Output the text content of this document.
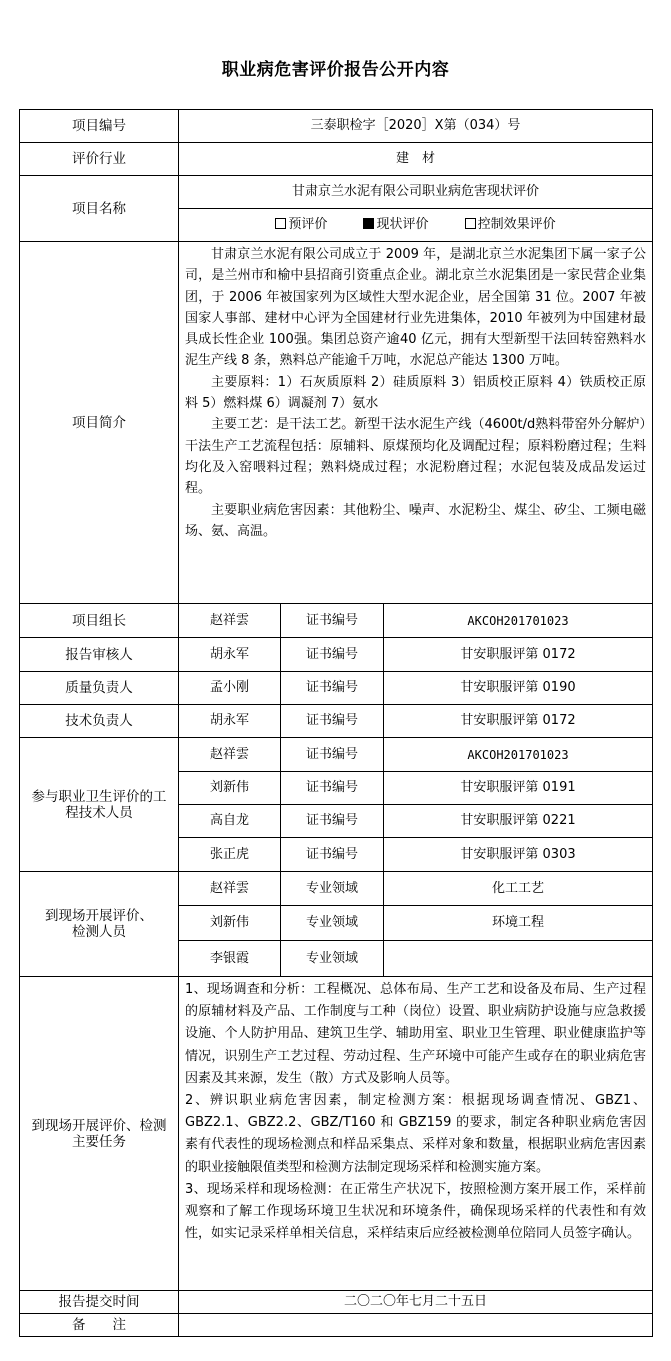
职业病危害评价报告公开内容
项目编号	三泰职检字［2020］X第（034）号		
评价行业	建　材		
项目名称	甘肃京兰水泥有限公司职业病危害现状评价		
	预评价 现状评价 控制效果评价		
项目简介	甘肃京兰水泥有限公司成立于 2009 年，是湖北京兰水泥集团下属一家子公司，是兰州市和榆中县招商引资重点企业。湖北京兰水泥集团是一家民营企业集团，于 2006 年被国家列为区域性大型水泥企业，居全国第 31 位。2007 年被国家人事部、建材中心评为全国建材行业先进集体，2010 年被列为中国建材最具成长性企业 100强。集团总资产逾40 亿元，拥有大型新型干法回转窑熟料水泥生产线 8 条，熟料总产能逾千万吨，水泥总产能达 1300 万吨。

主要原料：1）石灰质原料 2）硅质原料 3）铝质校正原料 4）铁质校正原料 5）燃料煤 6）调凝剂 7）氨水

主要工艺：是干法工艺。新型干法水泥生产线（4600t/d熟料带窑外分解炉）干法生产工艺流程包括：原辅料、原煤预均化及调配过程；原料粉磨过程；生料均化及入窑喂料过程；熟料烧成过程；水泥粉磨过程；水泥包装及成品发运过程。

主要职业病危害因素：其他粉尘、噪声、水泥粉尘、煤尘、矽尘、工频电磁场、氨、高温。		

项目组长	赵祥雲	证书编号	AKCOH201701023
报告审核人	胡永军	证书编号	甘安职服评第 0172
质量负责人	孟小刚	证书编号	甘安职服评第 0190
技术负责人	胡永军	证书编号	甘安职服评第 0172
参与职业卫生评价的工程技术人员	赵祥雲	证书编号	AKCOH201701023
	刘新伟	证书编号	甘安职服评第 0191
	高自龙	证书编号	甘安职服评第 0221
	张正虎	证书编号	甘安职服评第 0303
到现场开展评价、检测人员	赵祥雲	专业领域	化工工艺
	刘新伟	专业领域	环境工程
	李银霞	专业领域	
到现场开展评价、检测主要任务	1、现场调查和分析：工程概况、总体布局、生产工艺和设备及布局、生产过程的原辅材料及产品、工作制度与工种（岗位）设置、职业病防护设施与应急救援设施、个人防护用品、建筑卫生学、辅助用室、职业卫生管理、职业健康监护等情况，识别生产工艺过程、劳动过程、生产环境中可能产生或存在的职业病危害因素及其来源，发生（散）方式及影响人员等。

2、辨识职业病危害因素，制定检测方案：根据现场调查情况、GBZ1、GBZ2.1、GBZ2.2、GBZ/T160 和 GBZ159 的要求，制定各种职业病危害因素有代表性的现场检测点和样品采集点、采样对象和数量，根据职业病危害因素的职业接触限值类型和检测方法制定现场采样和检测实施方案。

3、现场采样和现场检测：在正常生产状况下，按照检测方案开展工作，采样前观察和了解工作现场环境卫生状况和环境条件，确保现场采样的代表性和有效性，如实记录采样单相关信息，采样结束后应经被检测单位陪同人员签字确认。		

报告提交时间	二〇二〇年七月二十五日		
备　　注			
